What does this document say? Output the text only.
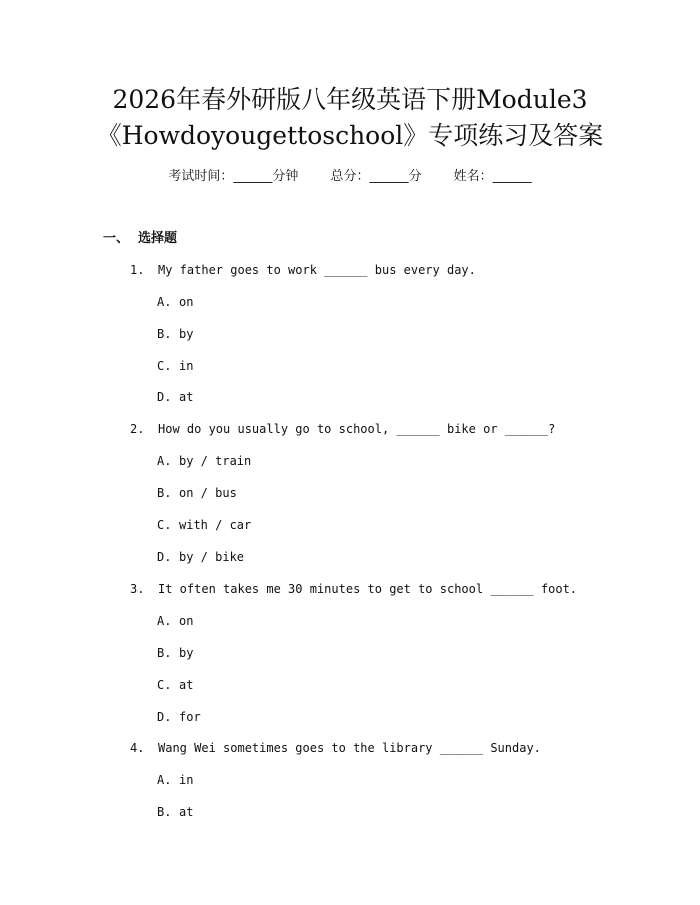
2026年春外研版八年级英语下册Module3
《Howdoyougettoschool》专项练习及答案
考试时间：______分钟 总分：______分 姓名：______
一、 选择题
1. My father goes to work ______ bus every day.
A. on
B. by
C. in
D. at
2. How do you usually go to school, ______ bike or ______?
A. by / train
B. on / bus
C. with / car
D. by / bike
3. It often takes me 30 minutes to get to school ______ foot.
A. on
B. by
C. at
D. for
4. Wang Wei sometimes goes to the library ______ Sunday.
A. in
B. at
